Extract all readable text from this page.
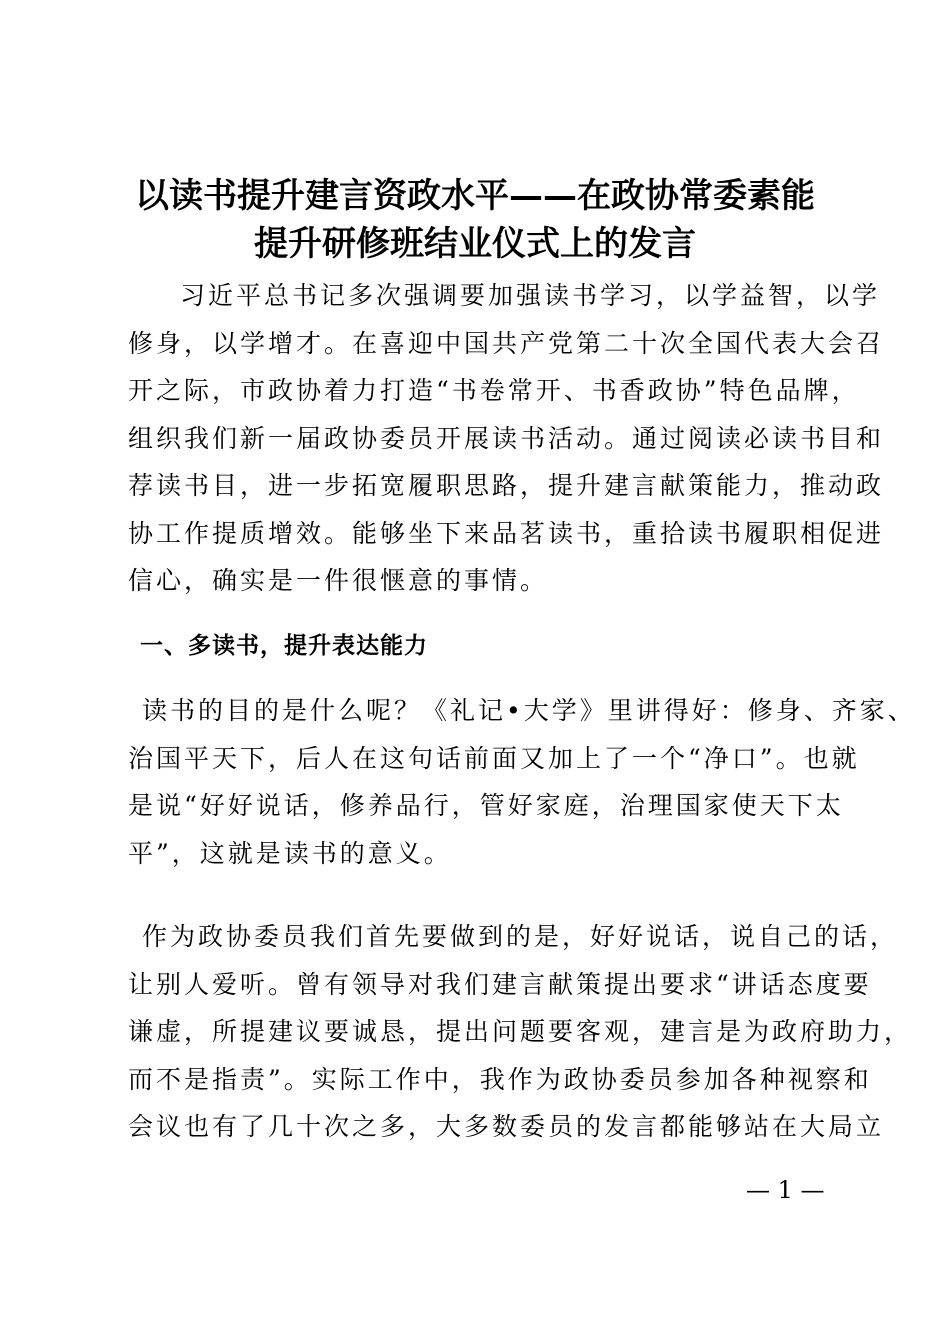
以读书提升建言资政水平——在政协常委素能
提升研修班结业仪式上的发言
习近平总书记多次强调要加强读书学习，以学益智，以学
修身，以学增才。在喜迎中国共产党第二十次全国代表大会召
开之际，市政协着力打造“书卷常开、书香政协”特色品牌，
组织我们新一届政协委员开展读书活动。通过阅读必读书目和
荐读书目，进一步拓宽履职思路，提升建言献策能力，推动政
协工作提质增效。能够坐下来品茗读书，重拾读书履职相促进
信心，确实是一件很惬意的事情。
一、多读书，提升表达能力
读书的目的是什么呢？《礼记•大学》里讲得好：修身、齐家、
治国平天下，后人在这句话前面又加上了一个“净口”。也就
是说“好好说话，修养品行，管好家庭，治理国家使天下太
平”，这就是读书的意义。
作为政协委员我们首先要做到的是，好好说话，说自己的话，
让别人爱听。曾有领导对我们建言献策提出要求“讲话态度要
谦虚，所提建议要诚恳，提出问题要客观，建言是为政府助力，
而不是指责”。实际工作中，我作为政协委员参加各种视察和
会议也有了几十次之多，大多数委员的发言都能够站在大局立
— 1 —
